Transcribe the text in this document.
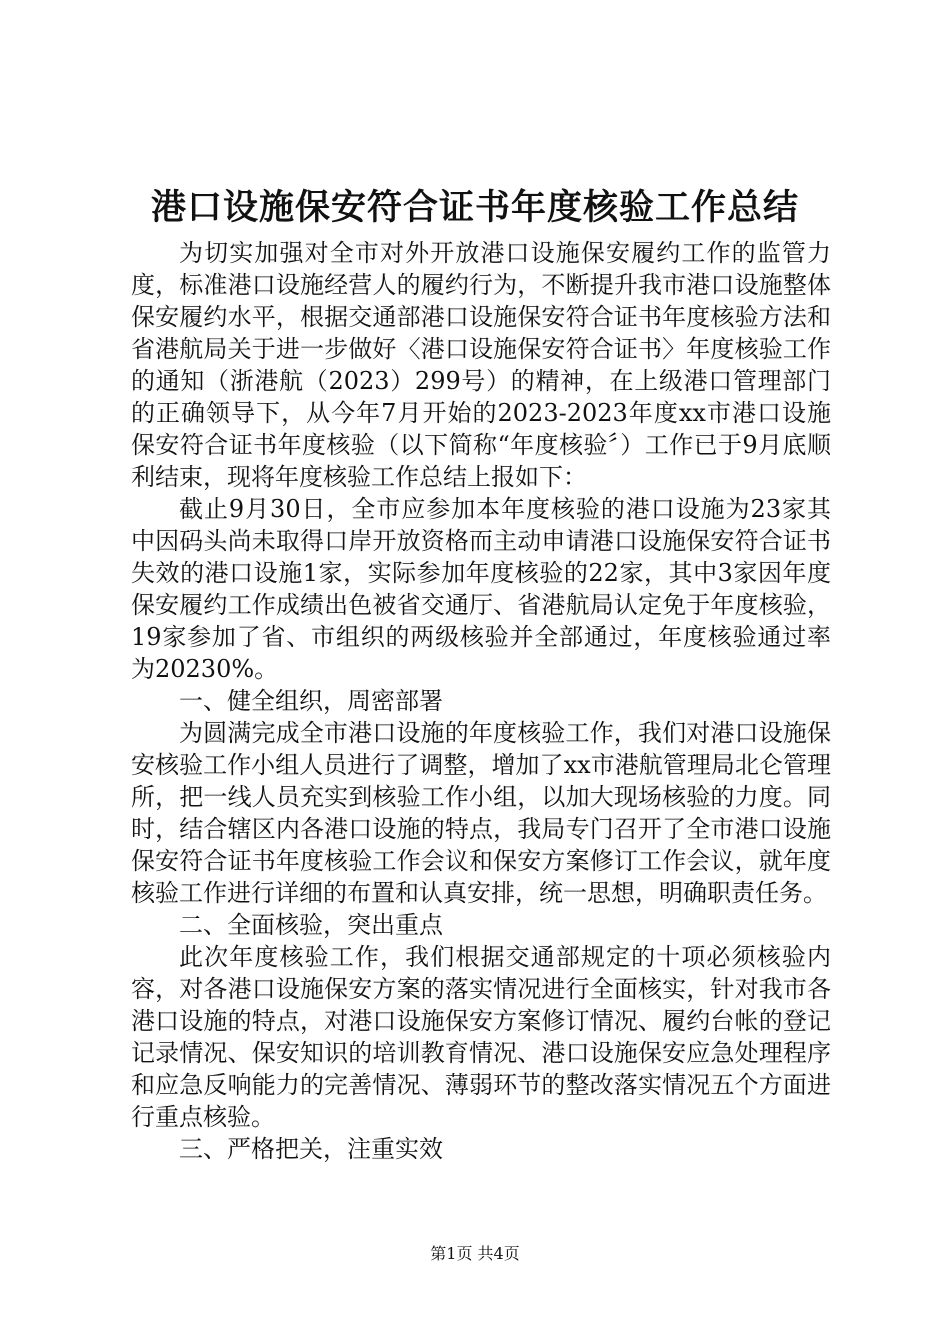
港口设施保安符合证书年度核验工作总结

为切实加强对全市对外开放港口设施保安履约工作的监管力度，标准港口设施经营人的履约行为，不断提升我市港口设施整体保安履约水平，根据交通部港口设施保安符合证书年度核验方法和省港航局关于进一步做好〈港口设施保安符合证书〉年度核验工作的通知（浙港航（2023）299号）的精神，在上级港口管理部门的正确领导下，从今年7月开始的2023-2023年度xx市港口设施保安符合证书年度核验（以下简称“年度核验〞）工作已于9月底顺利结束，现将年度核验工作总结上报如下：

截止9月30日，全市应参加本年度核验的港口设施为23家其中因码头尚未取得口岸开放资格而主动申请港口设施保安符合证书失效的港口设施1家，实际参加年度核验的22家，其中3家因年度保安履约工作成绩出色被省交通厅、省港航局认定免于年度核验，19家参加了省、市组织的两级核验并全部通过，年度核验通过率为20230%。

一、健全组织，周密部署

为圆满完成全市港口设施的年度核验工作，我们对港口设施保安核验工作小组人员进行了调整，增加了xx市港航管理局北仑管理所，把一线人员充实到核验工作小组，以加大现场核验的力度。同时，结合辖区内各港口设施的特点，我局专门召开了全市港口设施保安符合证书年度核验工作会议和保安方案修订工作会议，就年度核验工作进行详细的布置和认真安排，统一思想，明确职责任务。

二、全面核验，突出重点

此次年度核验工作，我们根据交通部规定的十项必须核验内容，对各港口设施保安方案的落实情况进行全面核实，针对我市各港口设施的特点，对港口设施保安方案修订情况、履约台帐的登记记录情况、保安知识的培训教育情况、港口设施保安应急处理程序和应急反响能力的完善情况、薄弱环节的整改落实情况五个方面进行重点核验。

三、严格把关，注重实效

第1页 共4页
